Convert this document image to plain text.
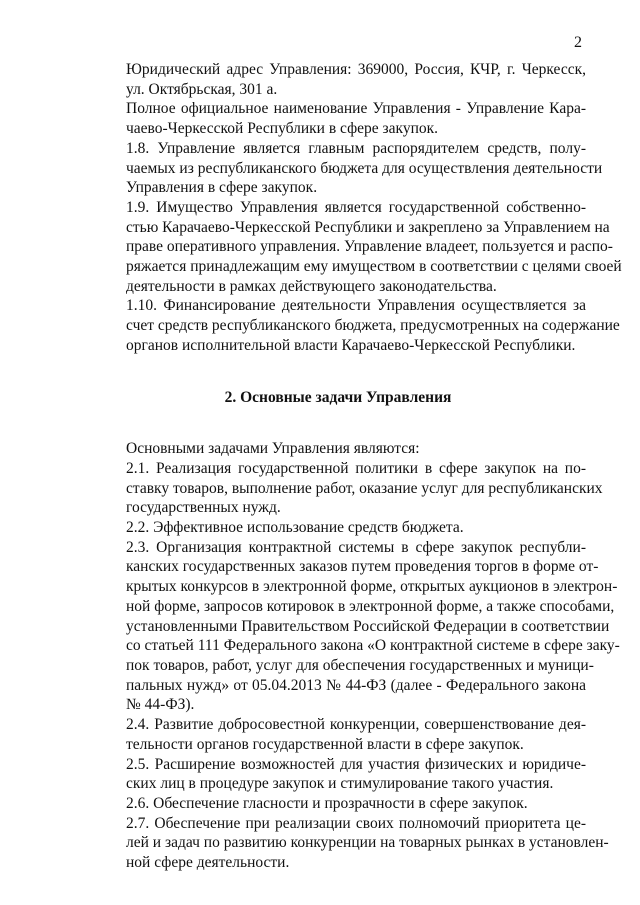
2

Юридический адрес Управления: 369000, Россия, КЧР, г. Черкесск,
ул. Октябрьская, 301 а.

Полное официальное наименование Управления - Управление Кара-
чаево-Черкесской Республики в сфере закупок.

1.8. Управление является главным распорядителем средств, полу-
чаемых из республиканского бюджета для осуществления деятельности
Управления в сфере закупок.

1.9. Имущество Управления является государственной собственно-
стью Карачаево-Черкесской Республики и закреплено за Управлением на
праве оперативного управления. Управление владеет, пользуется и распо-
ряжается принадлежащим ему имуществом в соответствии с целями своей
деятельности в рамках действующего законодательства.

1.10. Финансирование деятельности Управления осуществляется за
счет средств республиканского бюджета, предусмотренных на содержание
органов исполнительной власти Карачаево-Черкесской Республики.

2. Основные задачи Управления

Основными задачами Управления являются:

2.1. Реализация государственной политики в сфере закупок на по-
ставку товаров, выполнение работ, оказание услуг для республиканских
государственных нужд.

2.2. Эффективное использование средств бюджета.

2.3. Организация контрактной системы в сфере закупок республи-
канских государственных заказов путем проведения торгов в форме от-
крытых конкурсов в электронной форме, открытых аукционов в электрон-
ной форме, запросов котировок в электронной форме, а также способами,
установленными Правительством Российской Федерации в соответствии
со статьей 111 Федерального закона «О контрактной системе в сфере заку-
пок товаров, работ, услуг для обеспечения государственных и муници-
пальных нужд» от 05.04.2013 № 44-ФЗ (далее - Федерального закона
№ 44-ФЗ).

2.4. Развитие добросовестной конкуренции, совершенствование дея-
тельности органов государственной власти в сфере закупок.

2.5. Расширение возможностей для участия физических и юридиче-
ских лиц в процедуре закупок и стимулирование такого участия.

2.6. Обеспечение гласности и прозрачности в сфере закупок.

2.7. Обеспечение при реализации своих полномочий приоритета це-
лей и задач по развитию конкуренции на товарных рынках в установлен-
ной сфере деятельности.
